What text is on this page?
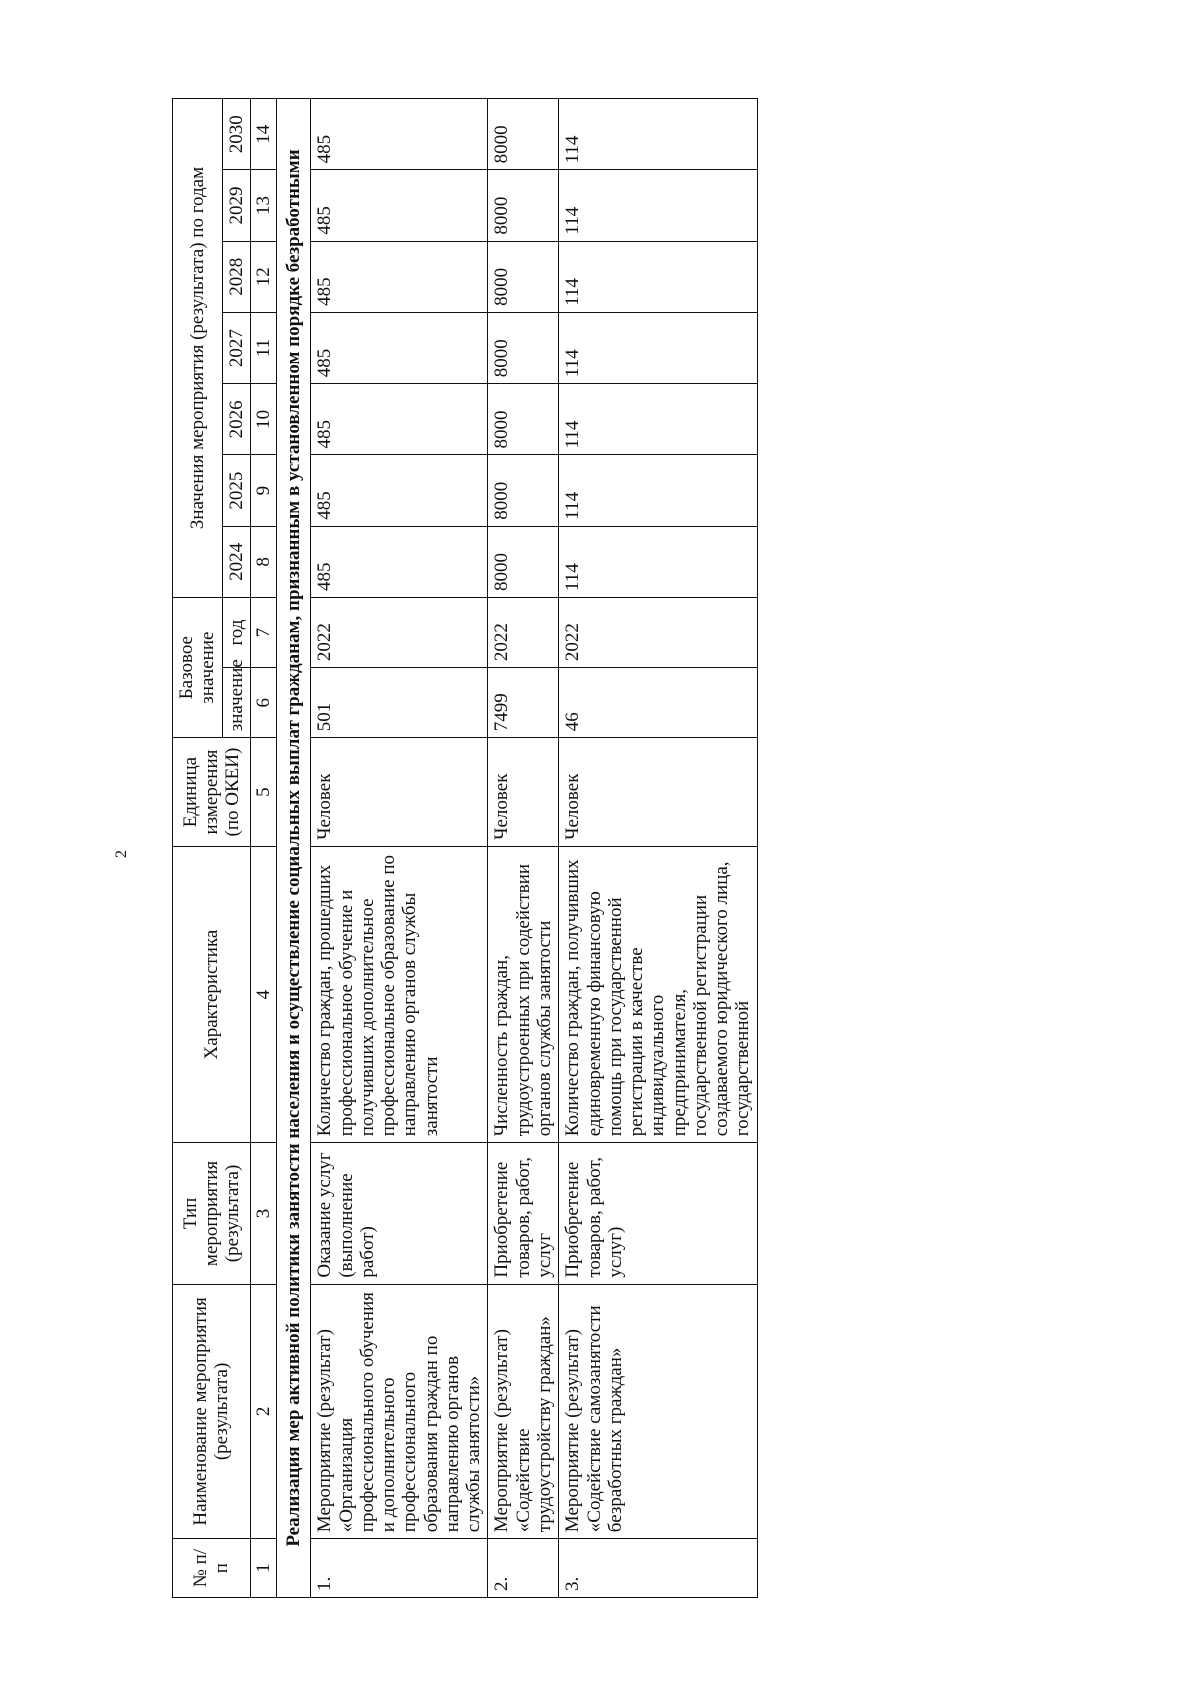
2
№ п/п	Наименование мероприятия (результата)	Тип мероприятия (результата)	Характеристика	Единица измерения (по ОКЕИ)	Базовое значение		Значения мероприятия (результата) по годам						
					значение	год	2024	2025	2026	2027	2028	2029	2030
1	2	3	4	5	6	7	8	9	10	11	12	13	14
Реализация мер активной политики занятости населения и осуществление социальных выплат гражданам, признанным в установленном порядке безработными													
1.	Мероприятие (результат) «Организация профессионального обучения и дополнительного профессионального образования граждан по направлению органов службы занятости»	Оказание услуг (выполнение работ)	Количество граждан, прошедших профессиональное обучение и получивших дополнительное профессиональное образование по направлению органов службы занятости	Человек	501	2022	485	485	485	485	485	485	485
2.	Мероприятие (результат) «Содействие трудоустройству граждан»	Приобретение товаров, работ, услуг	Численность граждан, трудоустроенных при содействии органов службы занятости	Человек	7499	2022	8000	8000	8000	8000	8000	8000	8000
3.	Мероприятие (результат) «Содействие самозанятости безработных граждан»	Приобретение товаров, работ, услуг)	Количество граждан, получивших единовременную финансовую помощь при государственной регистрации в качестве индивидуального предпринимателя, государственной регистрации создаваемого юридического лица, государственной	Человек	46	2022	114	114	114	114	114	114	114
